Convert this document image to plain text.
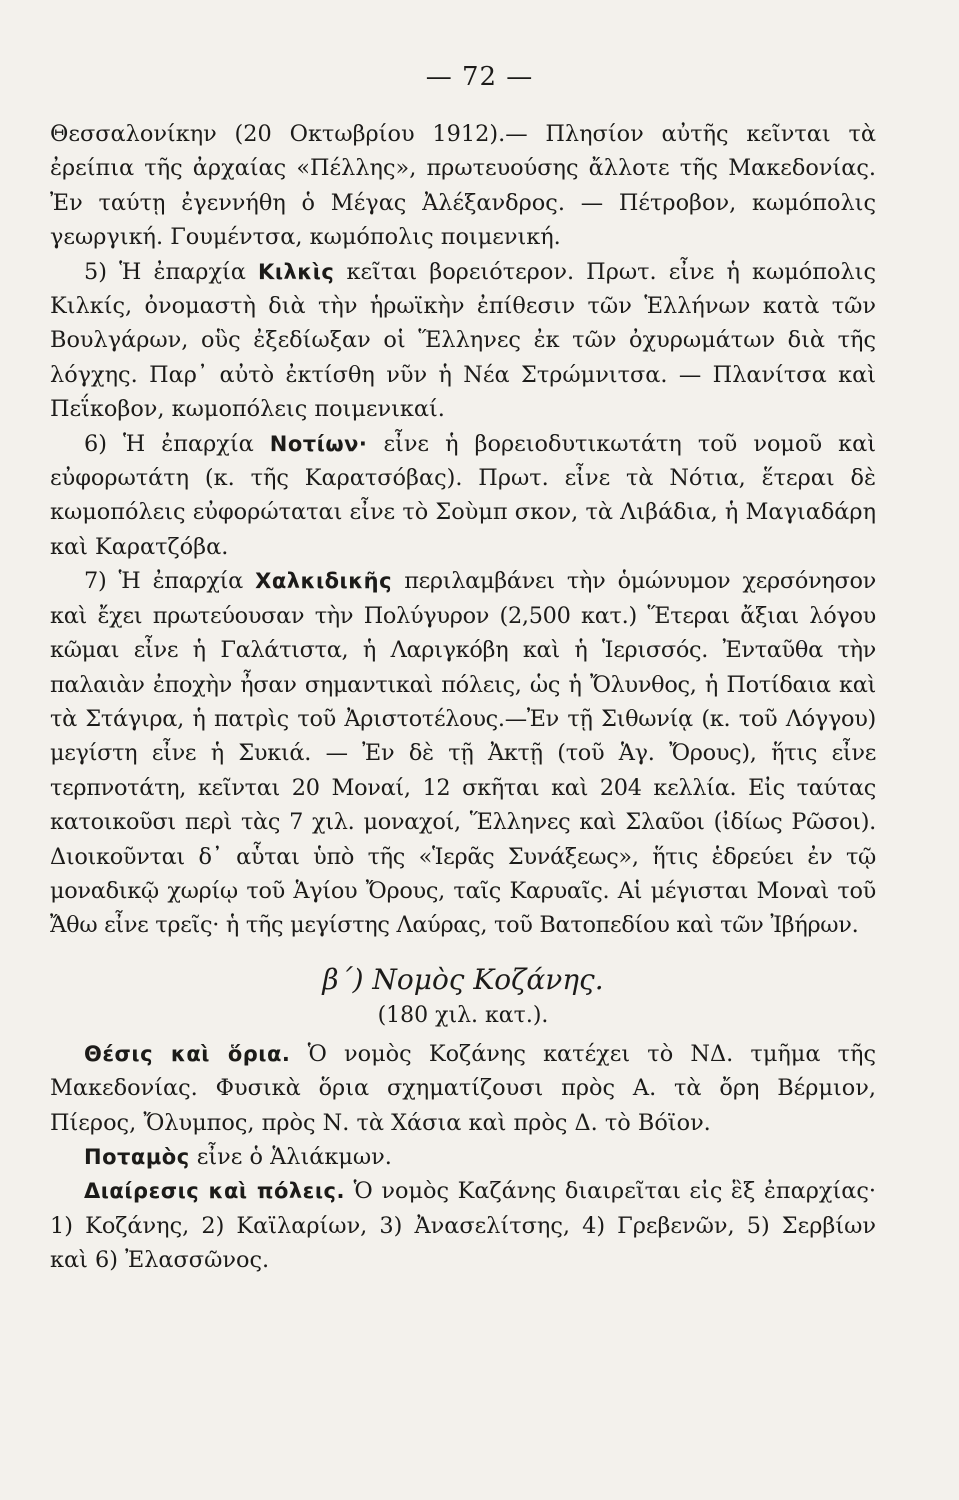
— 72 —

Θεσσαλονίκην (20 Οκτωβρίου 1912).— Πλησίον αὐτῆς κεῖνται τὰ ἐρείπια τῆς ἀρχαίας «Πέλλης», πρωτευούσης ἄλλοτε τῆς Μακεδονίας. Ἐν ταύτῃ ἐγεννήθη ὁ Μέγας Ἀλέξανδρος. — Πέτροβον, κωμόπολις γεωργική. Γουμέντσα, κωμόπολις ποιμενική.

5) Ἡ ἐπαρχία Κιλκὶς κεῖται βορειότερον. Πρωτ. εἶνε ἡ κωμόπολις Κιλκίς, ὀνομαστὴ διὰ τὴν ἡρωϊκὴν ἐπίθεσιν τῶν Ἑλλήνων κατὰ τῶν Βουλγάρων, οὓς ἐξεδίωξαν οἱ Ἕλληνες ἐκ τῶν ὀχυρωμάτων διὰ τῆς λόγχης. Παρ᾽ αὐτὸ ἐκτίσθη νῦν ἡ Νέα Στρώμνιτσα. — Πλανίτσα καὶ Πεΐκοβον, κωμοπόλεις ποιμενικαί.

6) Ἡ ἐπαρχία Νοτίων· εἶνε ἡ βορειοδυτικωτάτη τοῦ νομοῦ καὶ εὐφορωτάτη (κ. τῆς Καρατσόβας). Πρωτ. εἶνε τὰ Νότια, ἕτεραι δὲ κωμοπόλεις εὐφορώταται εἶνε τὸ Σοὺμπ σκον, τὰ Λιβάδια, ἡ Μαγιαδάρη καὶ Καρατζόβα.

7) Ἡ ἐπαρχία Χαλκιδικῆς περιλαμβάνει τὴν ὁμώνυμον χερσόνησον καὶ ἔχει πρωτεύουσαν τὴν Πολύγυρον (2,500 κατ.) Ἕτεραι ἄξιαι λόγου κῶμαι εἶνε ἡ Γαλάτιστα, ἡ Λαριγκόβη καὶ ἡ Ἱερισσός. Ἐνταῦθα τὴν παλαιὰν ἐποχὴν ἦσαν σημαντικαὶ πόλεις, ὡς ἡ Ὄλυνθος, ἡ Ποτίδαια καὶ τὰ Στάγιρα, ἡ πατρὶς τοῦ Ἀριστοτέλους.—Ἐν τῇ Σιθωνίᾳ (κ. τοῦ Λόγγου) μεγίστη εἶνε ἡ Συκιά. — Ἐν δὲ τῇ Ἀκτῇ (τοῦ Ἁγ. Ὄρους), ἥτις εἶνε τερπνοτάτη, κεῖνται 20 Μοναί, 12 σκῆται καὶ 204 κελλία. Εἰς ταύτας κατοικοῦσι περὶ τὰς 7 χιλ. μοναχοί, Ἕλληνες καὶ Σλαῦοι (ἰδίως Ρῶσοι). Διοικοῦνται δ᾽ αὗται ὑπὸ τῆς «Ἱερᾶς Συνάξεως», ἥτις ἑδρεύει ἐν τῷ μοναδικῷ χωρίῳ τοῦ Ἁγίου Ὄρους, ταῖς Καρυαῖς. Αἱ μέγισται Μοναὶ τοῦ Ἄθω εἶνε τρεῖς· ἡ τῆς μεγίστης Λαύρας, τοῦ Βατοπεδίου καὶ τῶν Ἰβήρων.

β΄) Νομὸς Κοζάνης.

(180 χιλ. κατ.).

Θέσις καὶ ὅρια. Ὁ νομὸς Κοζάνης κατέχει τὸ ΝΔ. τμῆμα τῆς Μακεδονίας. Φυσικὰ ὅρια σχηματίζουσι πρὸς Α. τὰ ὄρη Βέρμιον, Πίερος, Ὄλυμπος, πρὸς Ν. τὰ Χάσια καὶ πρὸς Δ. τὸ Βόϊον.

Ποταμὸς εἶνε ὁ Ἁλιάκμων.

Διαίρεσις καὶ πόλεις. Ὁ νομὸς Καζάνης διαιρεῖται εἰς ἓξ ἐπαρχίας· 1) Κοζάνης, 2) Καϊλαρίων, 3) Ἀνασελίτσης, 4) Γρεβενῶν, 5) Σερβίων καὶ 6) Ἐλασσῶνος.
